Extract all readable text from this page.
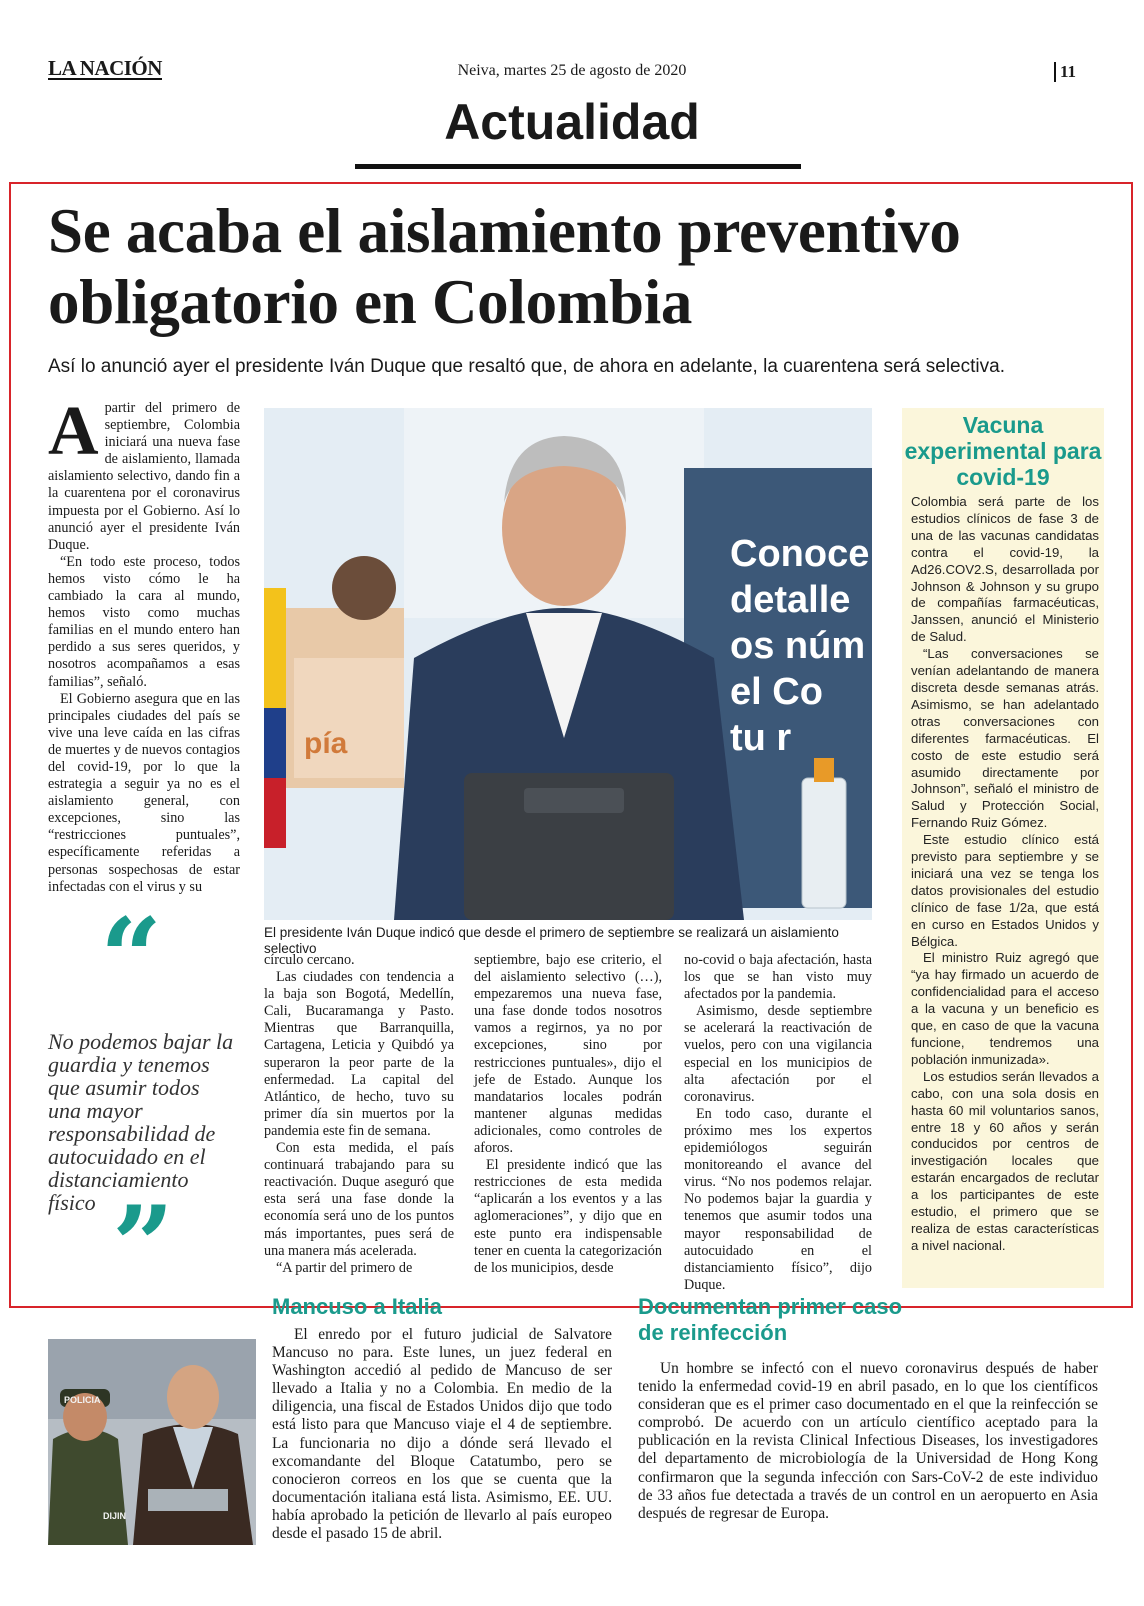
LA NACIÓN	Neiva, martes 25 de agosto de 2020	11
Actualidad
Se acaba el aislamiento preventivo
obligatorio en Colombia
Así lo anunció ayer el presidente Iván Duque que resaltó que, de ahora en adelante, la cuarentena será selectiva.
A partir del primero de septiembre, Colombia iniciará una nueva fase de aislamiento, llamada aislamiento selectivo, dando fin a la cuarentena por el coronavirus impuesta por el Gobierno. Así lo anunció ayer el presidente Iván Duque.

“En todo este proceso, todos hemos visto cómo le ha cambiado la cara al mundo, hemos visto como muchas familias en el mundo entero han perdido a sus seres queridos, y nosotros acompañamos a esas familias”, señaló.

El Gobierno asegura que en las principales ciudades del país se vive una leve caída en las cifras de muertes y de nuevos contagios del covid-19, por lo que la estrategia a seguir ya no es el aislamiento general, con excepciones, sino las “restricciones puntuales”, específicamente referidas a personas sospechosas de estar infectadas con el virus y su

Conoce
detalle
os núm
el Co
tu r
pía
El presidente Iván Duque indicó que desde el primero de septiembre se realizará un aislamiento selectivo
“
No podemos bajar la guardia y tenemos que asumir todos una mayor responsabilidad de autocuidado en el distanciamiento físico ”

círculo cercano.

Las ciudades con tendencia a la baja son Bogotá, Medellín, Cali, Bucaramanga y Pasto. Mientras que Barranquilla, Cartagena, Leticia y Quibdó ya superaron la peor parte de la enfermedad. La capital del Atlántico, de hecho, tuvo su primer día sin muertos por la pandemia este fin de semana.

Con esta medida, el país continuará trabajando para su reactivación. Duque aseguró que esta será una fase donde la economía será uno de los puntos más importantes, pues será de una manera más acelerada.

“A partir del primero de

septiembre, bajo ese criterio, el del aislamiento selectivo (…), empezaremos una nueva fase, una fase donde todos nosotros vamos a regirnos, ya no por excepciones, sino por restricciones puntuales», dijo el jefe de Estado. Aunque los mandatarios locales podrán mantener algunas medidas adicionales, como controles de aforos.

El presidente indicó que las restricciones de esta medida “aplicarán a los eventos y a las aglomeraciones”, y dijo que en este punto era indispensable tener en cuenta la categorización de los municipios, desde

no-covid o baja afectación, hasta los que se han visto muy afectados por la pandemia.

Asimismo, desde septiembre se acelerará la reactivación de vuelos, pero con una vigilancia especial en los municipios de alta afectación por el coronavirus.

En todo caso, durante el próximo mes los expertos epidemiólogos seguirán monitoreando el avance del virus. “No nos podemos relajar. No podemos bajar la guardia y tenemos que asumir todos una mayor responsabilidad de autocuidado en el distanciamiento físico”, dijo Duque.

Vacuna experimental para covid-19

Colombia será parte de los estudios clínicos de fase 3 de una de las vacunas candidatas contra el covid-19, la Ad26.COV2.S, desarrollada por Johnson & Johnson y su grupo de compañías farmacéuticas, Janssen, anunció el Ministerio de Salud.

“Las conversaciones se venían adelantando de manera discreta desde semanas atrás. Asimismo, se han adelantado otras conversaciones con diferentes farmacéuticas. El costo de este estudio será asumido directamente por Johnson”, señaló el ministro de Salud y Protección Social, Fernando Ruiz Gómez.

Este estudio clínico está previsto para septiembre y se iniciará una vez se tenga los datos provisionales del estudio clínico de fase 1/2a, que está en curso en Estados Unidos y Bélgica.

El ministro Ruiz agregó que “ya hay firmado un acuerdo de confidencialidad para el acceso a la vacuna y un beneficio es que, en caso de que la vacuna funcione, tendremos una población inmunizada».

Los estudios serán llevados a cabo, con una sola dosis en hasta 60 mil voluntarios sanos, entre 18 y 60 años y serán conducidos por centros de investigación locales que estarán encargados de reclutar a los participantes de este estudio, el primero que se realiza de estas características a nivel nacional.

POLICIA
DIJIN
Mancuso a Italia

El enredo por el futuro judicial de Salvatore Mancuso no para. Este lunes, un juez federal en Washington accedió al pedido de Mancuso de ser llevado a Italia y no a Colombia. En medio de la diligencia, una fiscal de Estados Unidos dijo que todo está listo para que Mancuso viaje el 4 de septiembre. La funcionaria no dijo a dónde será llevado el excomandante del Bloque Catatumbo, pero se conocieron correos en los que se cuenta que la documentación italiana está lista. Asimismo, EE. UU. había aprobado la petición de llevarlo al país europeo desde el pasado 15 de abril.

Documentan primer caso
de reinfección

Un hombre se infectó con el nuevo coronavirus después de haber tenido la enfermedad covid-19 en abril pasado, en lo que los científicos consideran que es el primer caso documentado en el que la reinfección se comprobó. De acuerdo con un artículo científico aceptado para la publicación en la revista Clinical Infectious Diseases, los investigadores del departamento de microbiología de la Universidad de Hong Kong confirmaron que la segunda infección con Sars-CoV-2 de este individuo de 33 años fue detectada a través de un control en un aeropuerto en Asia después de regresar de Europa.
